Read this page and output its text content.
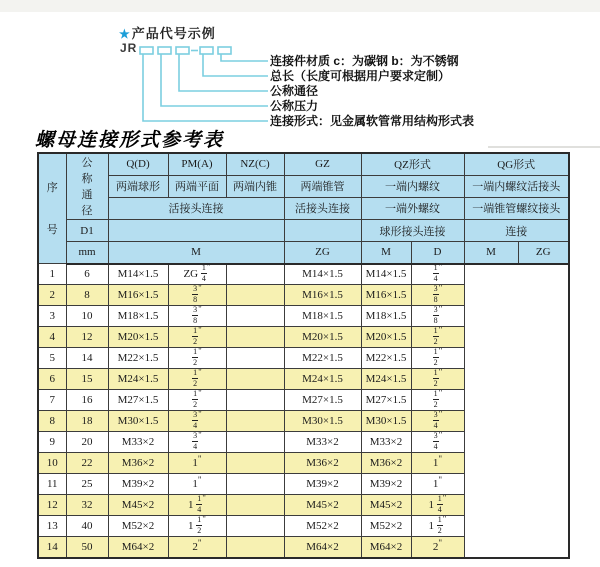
★产品代号示例
JR
连接件材质 c：为碳钢 b：为不锈钢
总长（长度可根据用户要求定制）
公称通径
公称压力
连接形式：见金属软管常用结构形式表
螺母连接形式参考表
序号	公称通径	Q(D)	PM(A)	NZ(C)	GZ	QZ形式		QG形式	
		两端球形	两端平面	两端内锥	两端锥管	一端内螺纹		一端内螺纹活接头	
		活接头连接			活接头连接	一端外螺纹		一端锥管螺纹接头	
	D1					球形接头连接		连接	
	mm	M			ZG	M	D	M	ZG
1	6	M14×1.5	ZG $\frac{1}{4} ^"$		M14×1.5	M14×1.5	$\frac{1}{4} ^"$
2	8	M16×1.5	$\frac{3}{8} ^"$		M16×1.5	M16×1.5	$\frac{3}{8} ^"$
3	10	M18×1.5	$\frac{3}{8} ^"$		M18×1.5	M18×1.5	$\frac{3}{8} ^"$
4	12	M20×1.5	$\frac{1}{2} ^"$		M20×1.5	M20×1.5	$\frac{1}{2} ^"$
5	14	M22×1.5	$\frac{1}{2} ^"$		M22×1.5	M22×1.5	$\frac{1}{2} ^"$
6	15	M24×1.5	$\frac{1}{2} ^"$		M24×1.5	M24×1.5	$\frac{1}{2} ^"$
7	16	M27×1.5	$\frac{1}{2} ^"$		M27×1.5	M27×1.5	$\frac{1}{2} ^"$
8	18	M30×1.5	$\frac{3}{4} ^"$		M30×1.5	M30×1.5	$\frac{3}{4} ^"$
9	20	M33×2	$\frac{3}{4} ^"$		M33×2	M33×2	$\frac{3}{4} ^"$
10	22	M36×2	1"		M36×2	M36×2	1"
11	25	M39×2	1"		M39×2	M39×2	1"
12	32	M45×2	$1 \frac{1}{4} ^"$		M45×2	M45×2	$1 \frac{1}{4} ^"$
13	40	M52×2	$1 \frac{1}{2} ^"$		M52×2	M52×2	$1 \frac{1}{2} ^"$
14	50	M64×2	2"		M64×2	M64×2	2"
